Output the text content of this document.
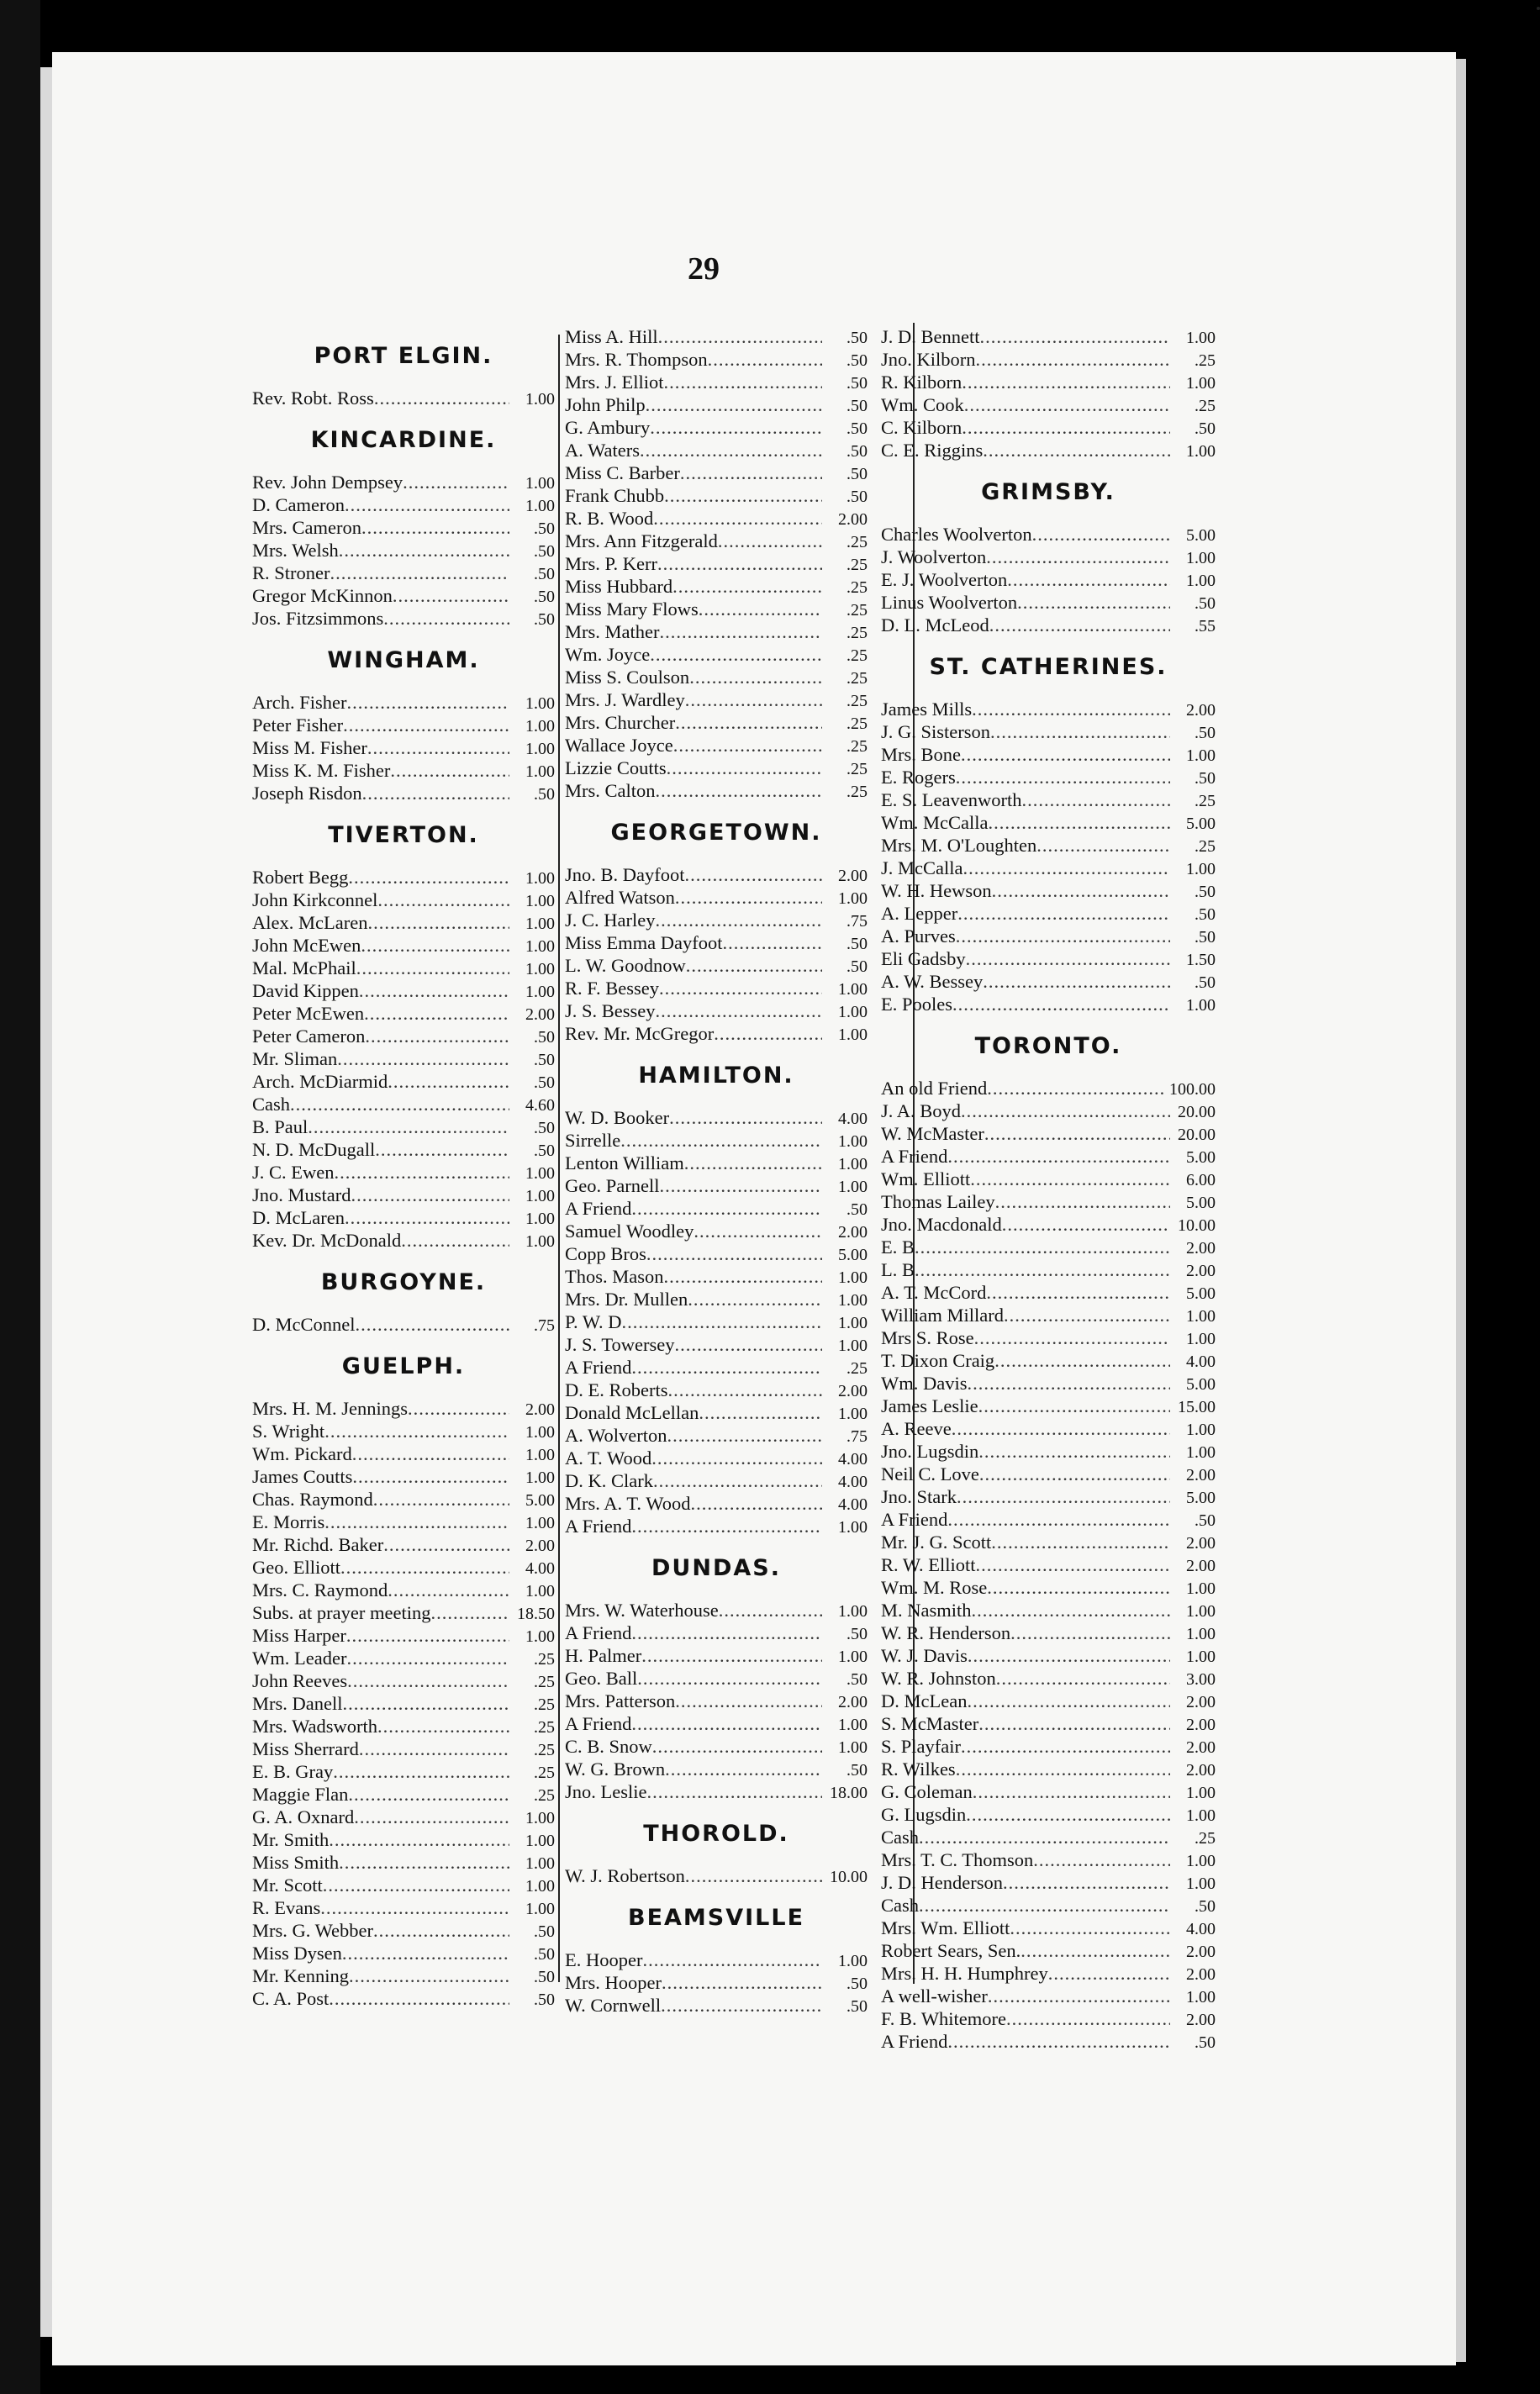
29
PORT ELGIN.
Rev. Robt. Ross .....	1.00
KINCARDINE.
Rev. John Dempsey .....	1.00
D. Cameron .....	1.00
Mrs. Cameron .....	.50
Mrs. Welsh .....	.50
R. Stroner .....	.50
Gregor McKinnon .....	.50
Jos. Fitzsimmons .....	.50
WINGHAM.
Arch. Fisher .....	1.00
Peter Fisher .....	1.00
Miss M. Fisher .....	1.00
Miss K. M. Fisher .....	1.00
Joseph Risdon .....	.50
TIVERTON.
Robert Begg .....	1.00
John Kirkconnel .....	1.00
Alex. McLaren .....	1.00
John McEwen .....	1.00
Mal. McPhail .....	1.00
David Kippen .....	1.00
Peter McEwen .....	2.00
Peter Cameron .....	.50
Mr. Sliman .....	.50
Arch. McDiarmid .....	.50
Cash .....	4.60
B. Paul .....	.50
N. D. McDugall .....	.50
J. C. Ewen .....	1.00
Jno. Mustard .....	1.00
D. McLaren .....	1.00
Kev. Dr. McDonald .....	1.00
BURGOYNE.
D. McConnel .....	.75
GUELPH.
Mrs. H. M. Jennings .....	2.00
S. Wright .....	1.00
Wm. Pickard .....	1.00
James Coutts .....	1.00
Chas. Raymond .....	5.00
E. Morris .....	1.00
Mr. Richd. Baker .....	2.00
Geo. Elliott .....	4.00
Mrs. C. Raymond .....	1.00
Subs. at prayer meeting .....	18.50
Miss Harper .....	1.00
Wm. Leader .....	.25
John Reeves .....	.25
Mrs. Danell .....	.25
Mrs. Wadsworth .....	.25
Miss Sherrard .....	.25
E. B. Gray .....	.25
Maggie Flan .....	.25
G. A. Oxnard .....	1.00
Mr. Smith .....	1.00
Miss Smith .....	1.00
Mr. Scott .....	1.00
R. Evans .....	1.00
Mrs. G. Webber .....	.50
Miss Dysen .....	.50
Mr. Kenning .....	.50
C. A. Post .....	.50
Miss A. Hill .....	.50
Mrs. R. Thompson .....	.50
Mrs. J. Elliot .....	.50
John Philp .....	.50
G. Ambury .....	.50
A. Waters .....	.50
Miss C. Barber .....	.50
Frank Chubb .....	.50
R. B. Wood .....	2.00
Mrs. Ann Fitzgerald .....	.25
Mrs. P. Kerr .....	.25
Miss Hubbard .....	.25
Miss Mary Flows .....	.25
Mrs. Mather .....	.25
Wm. Joyce .....	.25
Miss S. Coulson .....	.25
Mrs. J. Wardley .....	.25
Mrs. Churcher .....	.25
Wallace Joyce .....	.25
Lizzie Coutts .....	.25
Mrs. Calton .....	.25
GEORGETOWN.
Jno. B. Dayfoot .....	2.00
Alfred Watson .....	1.00
J. C. Harley .....	.75
Miss Emma Dayfoot .....	.50
L. W. Goodnow .....	.50
R. F. Bessey .....	1.00
J. S. Bessey .....	1.00
Rev. Mr. McGregor .....	1.00
HAMILTON.
W. D. Booker .....	4.00
Sirrelle .....	1.00
Lenton William .....	1.00
Geo. Parnell .....	1.00
A Friend .....	.50
Samuel Woodley .....	2.00
Copp Bros .....	5.00
Thos. Mason .....	1.00
Mrs. Dr. Mullen .....	1.00
P. W. D .....	1.00
J. S. Towersey .....	1.00
A Friend .....	.25
D. E. Roberts .....	2.00
Donald McLellan .....	1.00
A. Wolverton .....	.75
A. T. Wood .....	4.00
D. K. Clark .....	4.00
Mrs. A. T. Wood .....	4.00
A Friend .....	1.00
DUNDAS.
Mrs. W. Waterhouse .....	1.00
A Friend .....	.50
H. Palmer .....	1.00
Geo. Ball .....	.50
Mrs. Patterson .....	2.00
A Friend .....	1.00
C. B. Snow .....	1.00
W. G. Brown .....	.50
Jno. Leslie .....	18.00
THOROLD.
W. J. Robertson .....	10.00
BEAMSVILLE
E. Hooper .....	1.00
Mrs. Hooper .....	.50
W. Cornwell .....	.50
J. D. Bennett .....	1.00
Jno. Kilborn .....	.25
R. Kilborn .....	1.00
Wm. Cook .....	.25
C. Kilborn .....	.50
C. E. Riggins .....	1.00
GRIMSBY.
Charles Woolverton .....	5.00
J. Woolverton .....	1.00
E. J. Woolverton .....	1.00
Linus Woolverton .....	.50
D. L. McLeod .....	.55
ST. CATHERINES.
James Mills .....	2.00
J. G. Sisterson .....	.50
Mrs. Bone .....	1.00
E. Rogers .....	.50
E. S. Leavenworth .....	.25
Wm. McCalla .....	5.00
Mrs. M. O'Loughten .....	.25
J. McCalla .....	1.00
W. H. Hewson .....	.50
A. Lepper .....	.50
A. Purves .....	.50
Eli Gadsby .....	1.50
A. W. Bessey .....	.50
E. Pooles .....	1.00
TORONTO.
An old Friend .....	100.00
J. A. Boyd .....	20.00
W. McMaster .....	20.00
A Friend .....	5.00
Wm. Elliott .....	6.00
Thomas Lailey .....	5.00
Jno. Macdonald .....	10.00
E. B .....	2.00
L. B .....	2.00
A. T. McCord .....	5.00
William Millard .....	1.00
Mrs S. Rose .....	1.00
T. Dixon Craig .....	4.00
Wm. Davis .....	5.00
James Leslie .....	15.00
A. Reeve .....	1.00
Jno. Lugsdin .....	1.00
Neil C. Love .....	2.00
Jno. Stark .....	5.00
A Friend .....	.50
Mr. J. G. Scott .....	2.00
R. W. Elliott .....	2.00
Wm. M. Rose .....	1.00
M. Nasmith .....	1.00
W. R. Henderson .....	1.00
W. J. Davis .....	1.00
W. R. Johnston .....	3.00
D. McLean .....	2.00
S. McMaster .....	2.00
S. Playfair .....	2.00
R. Wilkes .....	2.00
G. Coleman .....	1.00
G. Lugsdin .....	1.00
Cash .....	.25
Mrs. T. C. Thomson .....	1.00
J. D. Henderson .....	1.00
Cash .....	.50
Mrs. Wm. Elliott .....	4.00
Robert Sears, Sen. .....	2.00
Mrs. H. H. Humphrey .....	2.00
A well-wisher .....	1.00
F. B. Whitemore .....	2.00
A Friend .....	.50
